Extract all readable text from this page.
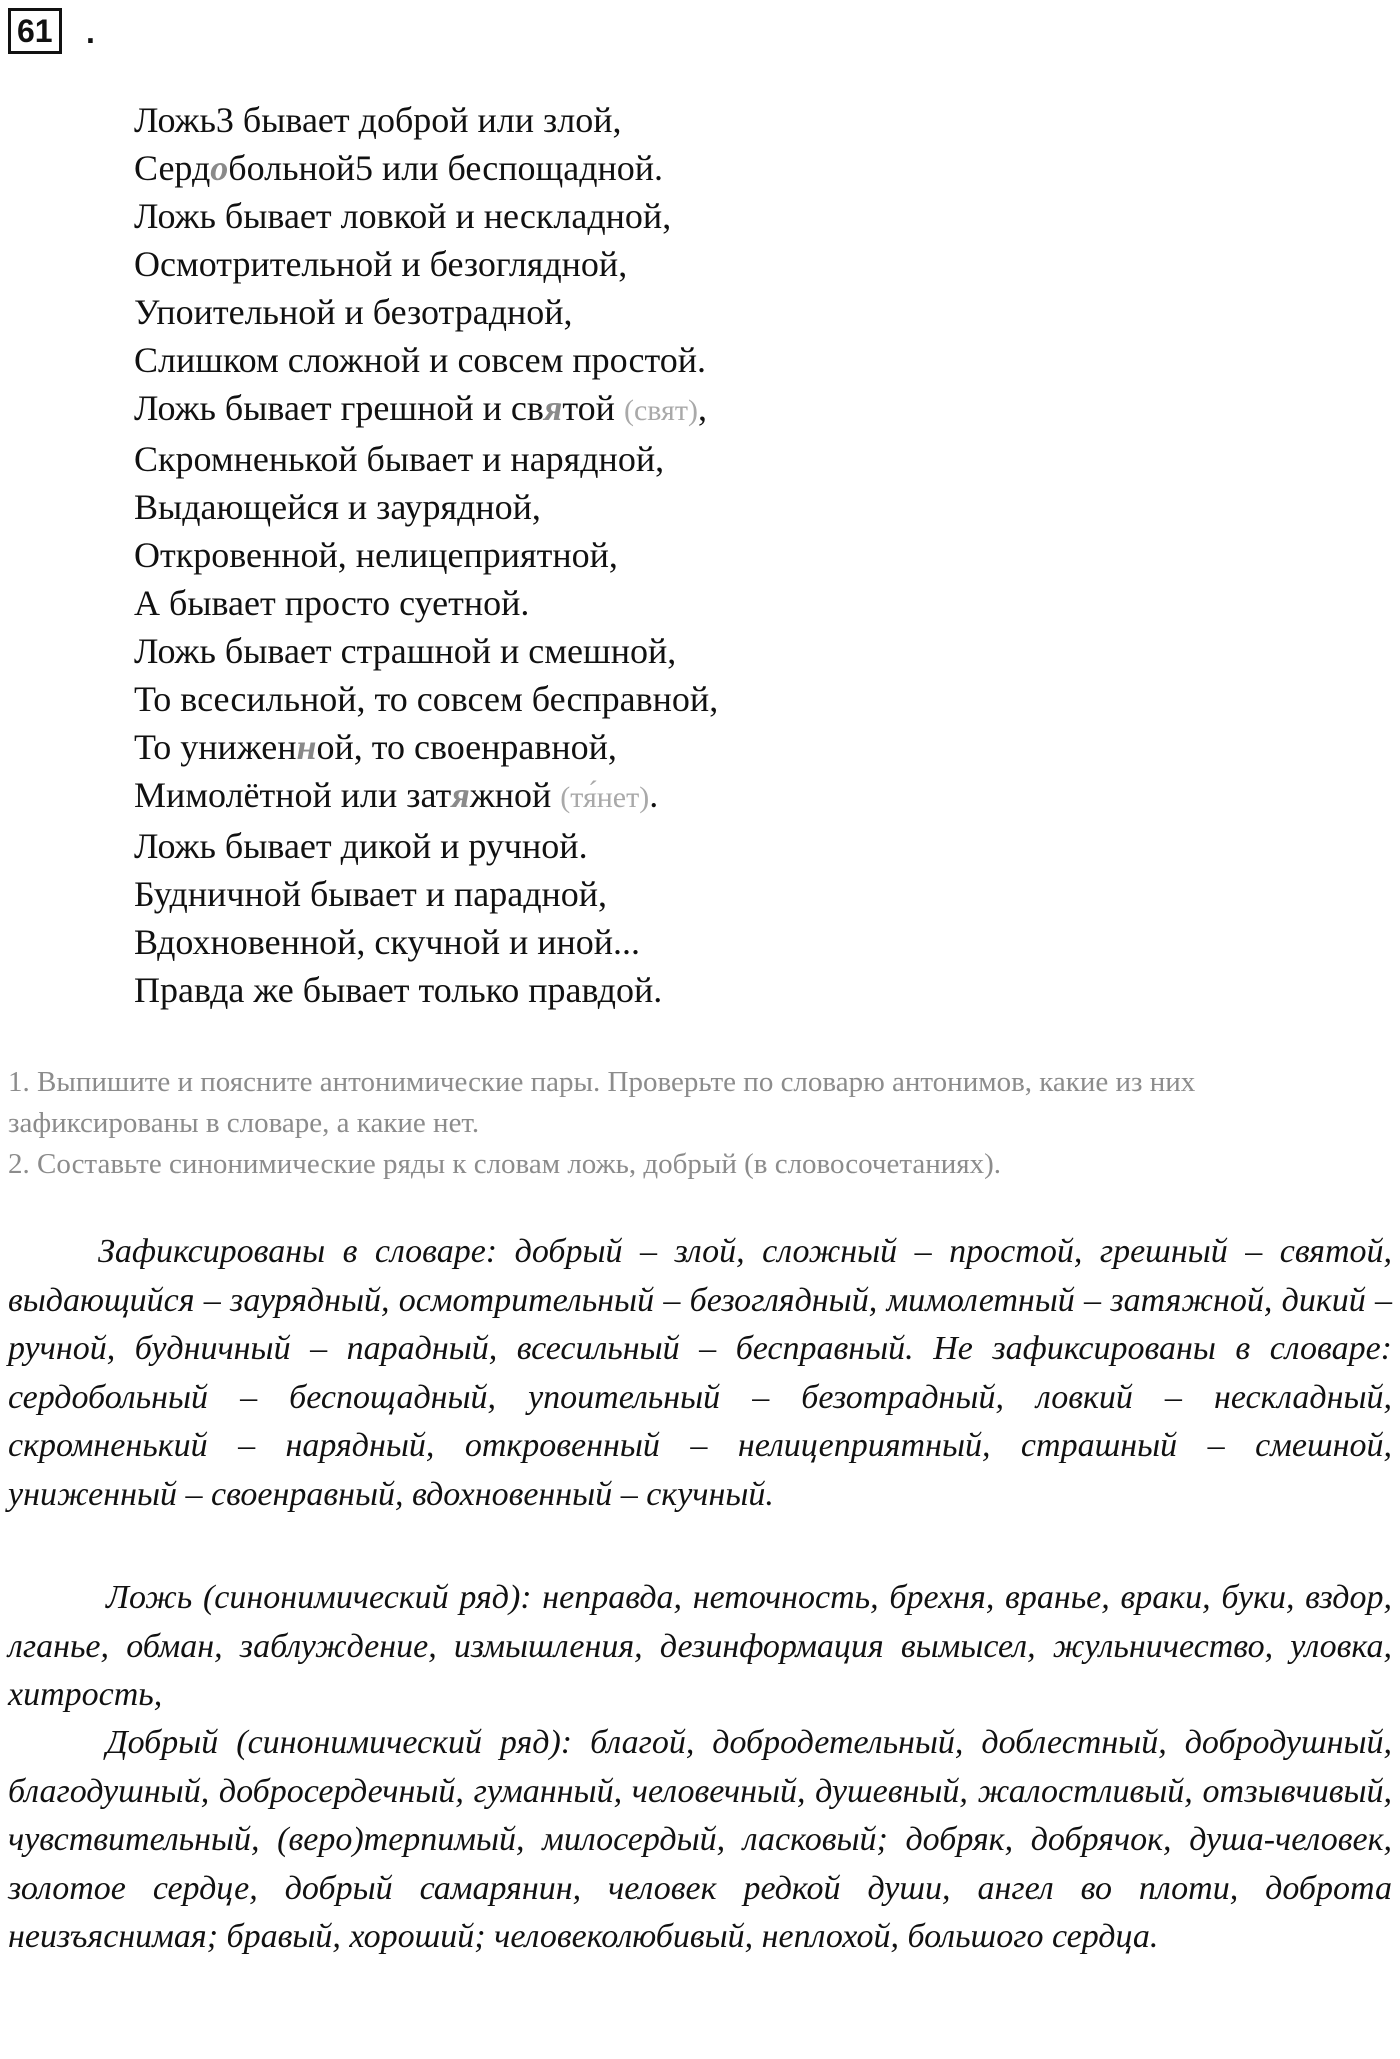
61 .
Ложь3 бывает доброй или злой,
Сердобольной5 или беспощадной.
Ложь бывает ловкой и нескладной,
Осмотрительной и безоглядной,
Упоительной и безотрадной,
Слишком сложной и совсем простой.
Ложь бывает грешной и святой (свят),
Скромненькой бывает и нарядной,
Выдающейся и заурядной,
Откровенной, нелицеприятной,
А бывает просто суетной.
Ложь бывает страшной и смешной,
То всесильной, то совсем бесправной,
То униженной, то своенравной,
Мимолётной или затяжной (тя́нет).
Ложь бывает дикой и ручной.
Будничной бывает и парадной,
Вдохновенной, скучной и иной...
Правда же бывает только правдой.

1. Выпишите и поясните антонимические пары. Проверьте по словарю антонимов, какие из них зафиксированы в словаре, а какие нет.

2. Составьте синонимические ряды к словам ложь, добрый (в словосочетаниях).

Зафиксированы в словаре: добрый – злой, сложный – простой, грешный – святой, выдающийся – заурядный, осмотрительный – безоглядный, мимолетный – затяжной, дикий – ручной, будничный – парадный, всесильный – бесправный. Не зафиксированы в словаре: сердобольный – беспощадный, упоительный – безотрадный, ловкий – нескладный, скромненький – нарядный, откровенный – нелицеприятный, страшный – смешной, униженный – своенравный, вдохновенный – скучный.

Ложь (синонимический ряд): неправда, неточность, брехня, вранье, враки, буки, вздор, лганье, обман, заблуждение, измышления, дезинформация вымысел, жульничество, уловка, хитрость,

Добрый (синонимический ряд): благой, добродетельный, доблестный, добродушный, благодушный, добросердечный, гуманный, человечный, душевный, жалостливый, отзывчивый, чувствительный, (веро)терпимый, милосердый, ласковый; добряк, добрячок, душа-человек, золотое сердце, добрый самарянин, человек редкой души, ангел во плоти, доброта неизъяснимая; бравый, хороший; человеколюбивый, неплохой, большого сердца.
